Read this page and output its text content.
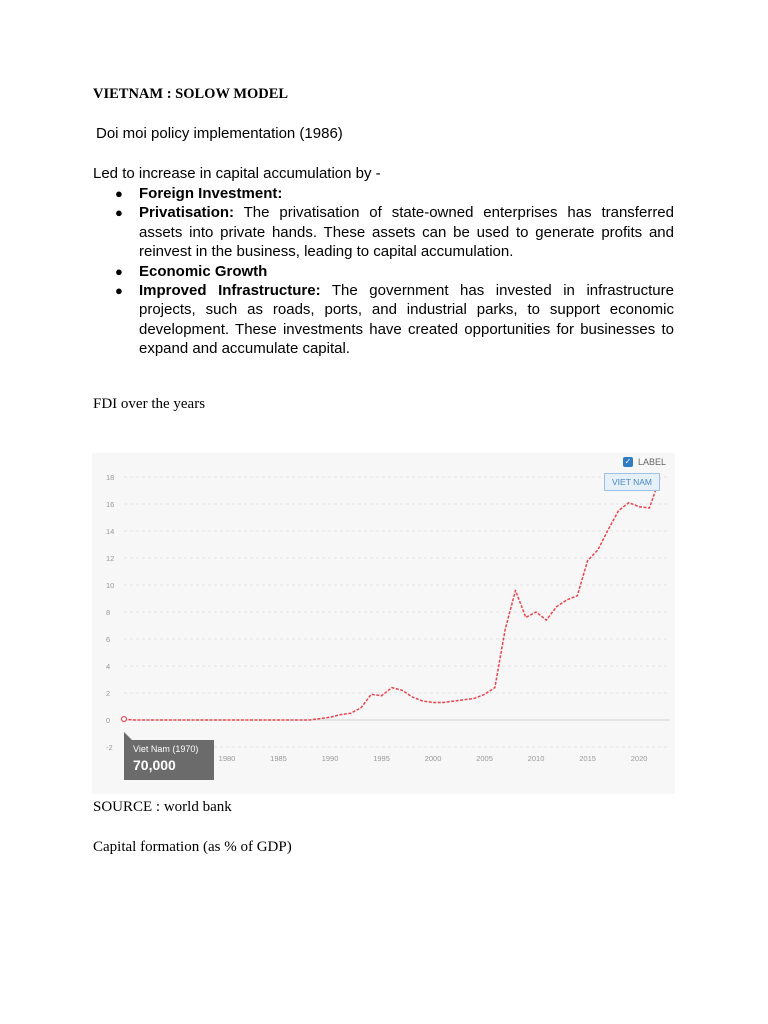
VIETNAM : SOLOW MODEL
Doi moi policy implementation (1986)
Led to increase in capital accumulation by -
● Foreign Investment:
● Privatisation: The privatisation of state-owned enterprises has transferred assets into private hands. These assets can be used to generate profits and reinvest in the business, leading to capital accumulation.
● Economic Growth
● Improved Infrastructure: The government has invested in infrastructure projects, such as roads, ports, and industrial parks, to support economic development. These investments have created opportunities for businesses to expand and accumulate capital.
FDI over the years
-2
0
2
4
6
8
10
12
14
16
18
1980	1985	1990	1995	2000	2005	2010	2015	2020
✓ LABEL
VIET NAM
Viet Nam (1970)
70,000
SOURCE : world bank
Capital formation (as % of GDP)
